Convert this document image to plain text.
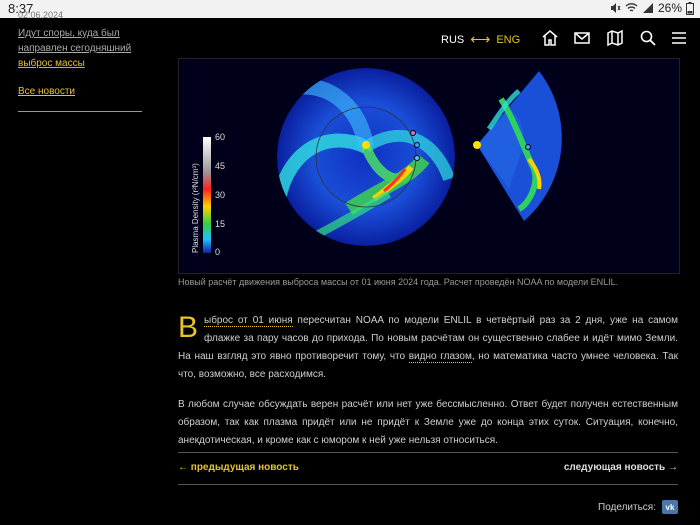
8:37	26%
02.06.2024
Идут споры, куда был направлен сегодняшний выброс массы
Все новости
RUS ⟷ ENG
Plasma Density (r²N/cm³)
60
45
30
15
0
Новый расчёт движения выброса массы от 01 июня 2024 года. Расчет проведён NOAA по модели ENLIL.

Выброс от 01 июня пересчитан NOAA по модели ENLIL в четвёртый раз за 2 дня, уже на самом флажке за пару часов до прихода. По новым расчётам он существенно слабее и идёт мимо Земли. На наш взгляд это явно противоречит тому, что видно глазом, но математика часто умнее человека. Так что, возможно, все расходимся.

В любом случае обсуждать верен расчёт или нет уже бессмысленно. Ответ будет получен естественным образом, так как плазма придёт или не придёт к Земле уже до конца этих суток. Ситуация, конечно, анекдотическая, и кроме как с юмором к ней уже нельзя относиться.

← предыдущая новость	следующая новость →
Поделиться:	vk
